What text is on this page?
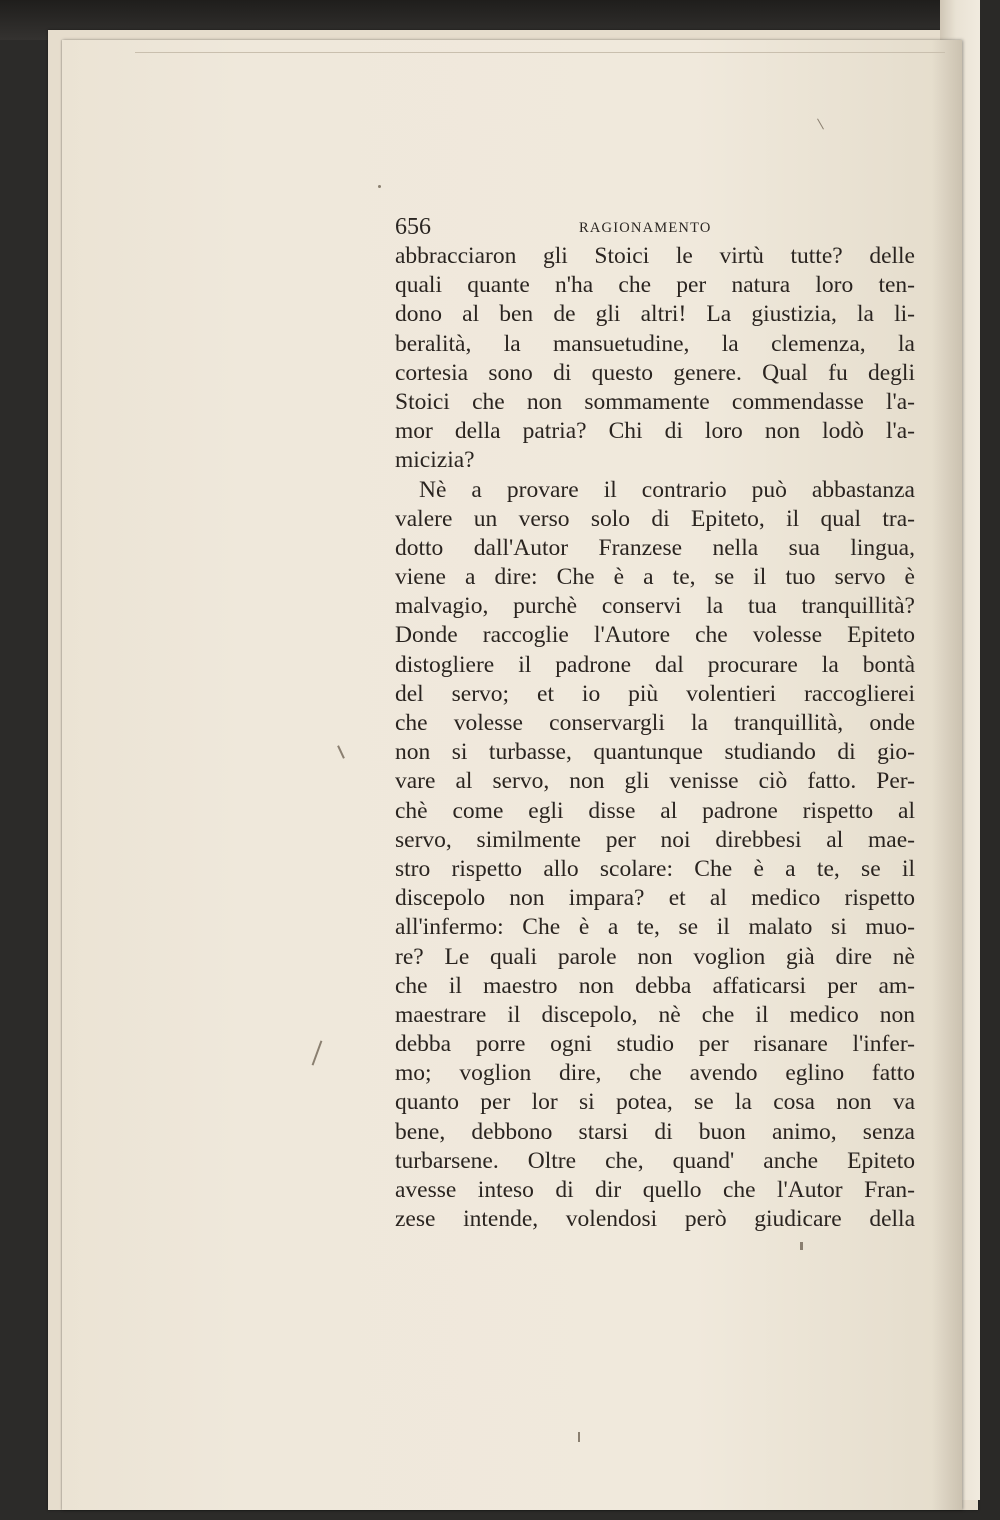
656	RAGIONAMENTO
abbracciaron gli Stoici le virtù tutte? delle
quali quante n'ha che per natura loro ten-
dono al ben de gli altri! La giustizia, la li-
beralità, la mansuetudine, la clemenza, la
cortesia sono di questo genere. Qual fu degli
Stoici che non sommamente commendasse l'a-
mor della patria? Chi di loro non lodò l'a-
micizia?
Nè a provare il contrario può abbastanza
valere un verso solo di Epiteto, il qual tra-
dotto dall'Autor Franzese nella sua lingua,
viene a dire: Che è a te, se il tuo servo è
malvagio, purchè conservi la tua tranquillità?
Donde raccoglie l'Autore che volesse Epiteto
distogliere il padrone dal procurare la bontà
del servo; et io più volentieri raccoglierei
che volesse conservargli la tranquillità, onde
non si turbasse, quantunque studiando di gio-
vare al servo, non gli venisse ciò fatto. Per-
chè come egli disse al padrone rispetto al
servo, similmente per noi direbbesi al mae-
stro rispetto allo scolare: Che è a te, se il
discepolo non impara? et al medico rispetto
all'infermo: Che è a te, se il malato si muo-
re? Le quali parole non voglion già dire nè
che il maestro non debba affaticarsi per am-
maestrare il discepolo, nè che il medico non
debba porre ogni studio per risanare l'infer-
mo; voglion dire, che avendo eglino fatto
quanto per lor si potea, se la cosa non va
bene, debbono starsi di buon animo, senza
turbarsene. Oltre che, quand' anche Epiteto
avesse inteso di dir quello che l'Autor Fran-
zese intende, volendosi però giudicare della
